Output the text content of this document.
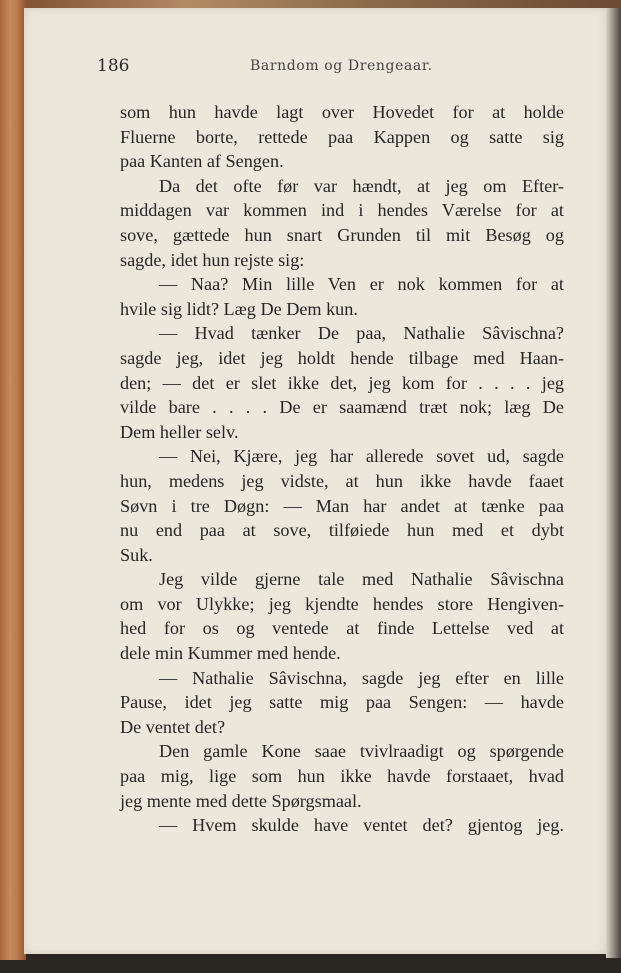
186	Barndom og Drengeaar.
som hun havde lagt over Hovedet for at holde
Fluerne borte, rettede paa Kappen og satte sig
paa Kanten af Sengen.
Da det ofte før var hændt, at jeg om Efter-
middagen var kommen ind i hendes Værelse for at
sove, gættede hun snart Grunden til mit Besøg og
sagde, idet hun rejste sig:
— Naa? Min lille Ven er nok kommen for at
hvile sig lidt? Læg De Dem kun.
— Hvad tænker De paa, Nathalie Sâvischna?
sagde jeg, idet jeg holdt hende tilbage med Haan-
den; — det er slet ikke det, jeg kom for . . . . jeg
vilde bare . . . . De er saamænd træt nok; læg De
Dem heller selv.
— Nei, Kjære, jeg har allerede sovet ud, sagde
hun, medens jeg vidste, at hun ikke havde faaet
Søvn i tre Døgn: — Man har andet at tænke paa
nu end paa at sove, tilføiede hun med et dybt
Suk.
Jeg vilde gjerne tale med Nathalie Sâvischna
om vor Ulykke; jeg kjendte hendes store Hengiven-
hed for os og ventede at finde Lettelse ved at
dele min Kummer med hende.
— Nathalie Sâvischna, sagde jeg efter en lille
Pause, idet jeg satte mig paa Sengen: — havde
De ventet det?
Den gamle Kone saae tvivlraadigt og spørgende
paa mig, lige som hun ikke havde forstaaet, hvad
jeg mente med dette Spørgsmaal.
— Hvem skulde have ventet det? gjentog jeg.
